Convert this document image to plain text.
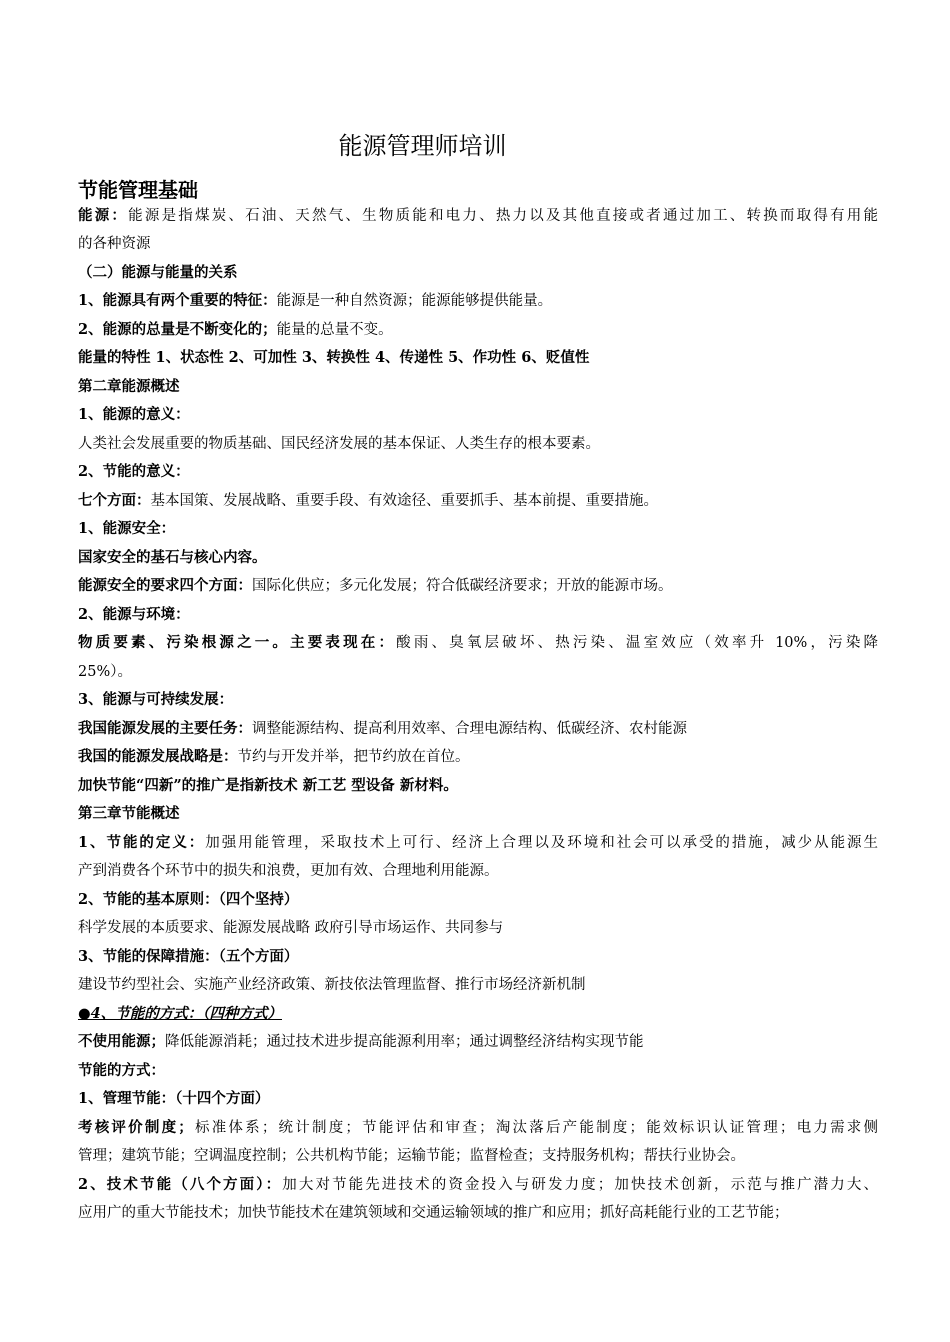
能源管理师培训
节能管理基础
能源：能源是指煤炭、石油、天然气、生物质能和电力、热力以及其他直接或者通过加工、转换而取得有用能
的各种资源
（二）能源与能量的关系
1、能源具有两个重要的特征：能源是一种自然资源；能源能够提供能量。
2、能源的总量是不断变化的；能量的总量不变。
能量的特性 1、状态性 2、可加性 3、转换性 4、传递性 5、作功性 6、贬值性
第二章能源概述
1、能源的意义：
人类社会发展重要的物质基础、国民经济发展的基本保证、人类生存的根本要素。
2、节能的意义：
七个方面：基本国策、发展战略、重要手段、有效途径、重要抓手、基本前提、重要措施。
1、能源安全：
国家安全的基石与核心内容。
能源安全的要求四个方面：国际化供应；多元化发展；符合低碳经济要求；开放的能源市场。
2、能源与环境：
物质要素、污染根源之一。主要表现在：酸雨、臭氧层破坏、热污染、温室效应（效率升 10%，污染降
25%）。
3、能源与可持续发展：
我国能源发展的主要任务：调整能源结构、提高利用效率、合理电源结构、低碳经济、农村能源
我国的能源发展战略是：节约与开发并举，把节约放在首位。
加快节能“四新”的推广是指新技术 新工艺 型设备 新材料。
第三章节能概述
1、节能的定义：加强用能管理，采取技术上可行、经济上合理以及环境和社会可以承受的措施，减少从能源生
产到消费各个环节中的损失和浪费，更加有效、合理地利用能源。
2、节能的基本原则：（四个坚持）
科学发展的本质要求、能源发展战略 政府引导市场运作、共同参与
3、节能的保障措施：（五个方面）
建设节约型社会、实施产业经济政策、新技依法管理监督、推行市场经济新机制
●4、节能的方式：（四种方式）
不使用能源；降低能源消耗；通过技术进步提高能源利用率；通过调整经济结构实现节能
节能的方式：
1、管理节能：（十四个方面）
考核评价制度；标准体系；统计制度；节能评估和审查；淘汰落后产能制度；能效标识认证管理；电力需求侧
管理；建筑节能；空调温度控制；公共机构节能；运输节能；监督检查；支持服务机构；帮扶行业协会。
2、技术节能（八个方面）：加大对节能先进技术的资金投入与研发力度；加快技术创新，示范与推广潜力大、
应用广的重大节能技术；加快节能技术在建筑领域和交通运输领域的推广和应用；抓好高耗能行业的工艺节能；
